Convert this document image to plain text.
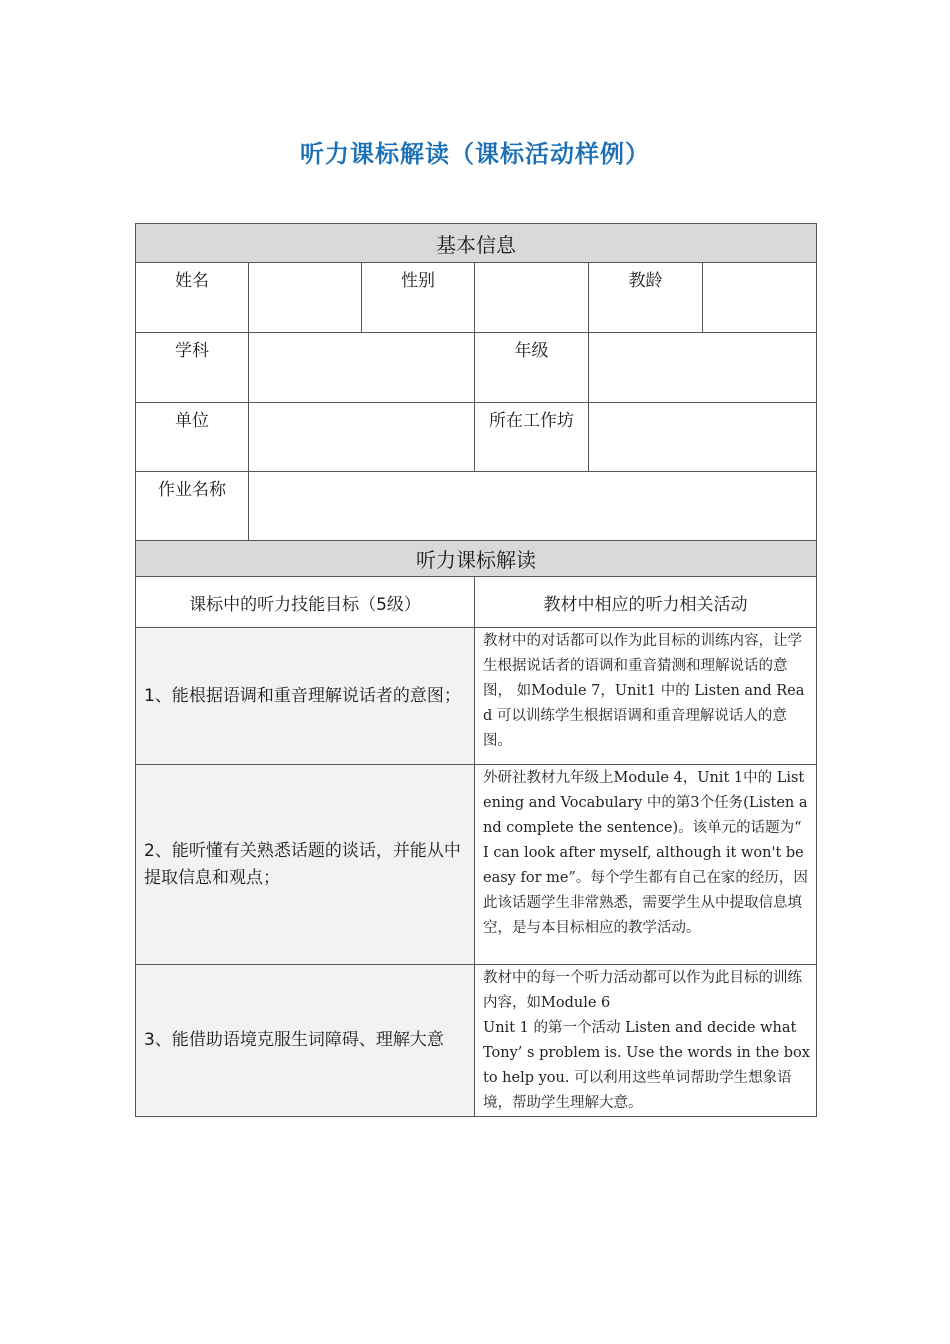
听力课标解读（课标活动样例）
基本信息					
姓名		性别		教龄	
学科			年级		
单位			所在工作坊		
作业名称					
听力课标解读					
课标中的听力技能目标（5级）			教材中相应的听力相关活动		
1、能根据语调和重音理解说话者的意图；			教材中的对话都可以作为此目标的训练内容，让学生根据说话者的语调和重音猜测和理解说话的意图， 如Module 7，Unit1 中的 Listen and Read 可以训练学生根据语调和重音理解说话人的意图。		

2、能听懂有关熟悉话题的谈话，并能从中提取信息和观点；			外研社教材九年级上Module 4，Unit 1中的 Listening and Vocabulary 中的第3个任务(Listen and complete the sentence)。该单元的话题为“ I can look after myself, although it won't be easy for me”。每个学生都有自己在家的经历，因此该话题学生非常熟悉，需要学生从中提取信息填空，是与本目标相应的教学活动。		

3、能借助语境克服生词障碍、理解大意			教材中的每一个听力活动都可以作为此目标的训练内容，如Module 6
Unit 1 的第一个活动 Listen and decide what Tony’ s problem is. Use the words in the box to help you. 可以利用这些单词帮助学生想象语境，帮助学生理解大意。		
